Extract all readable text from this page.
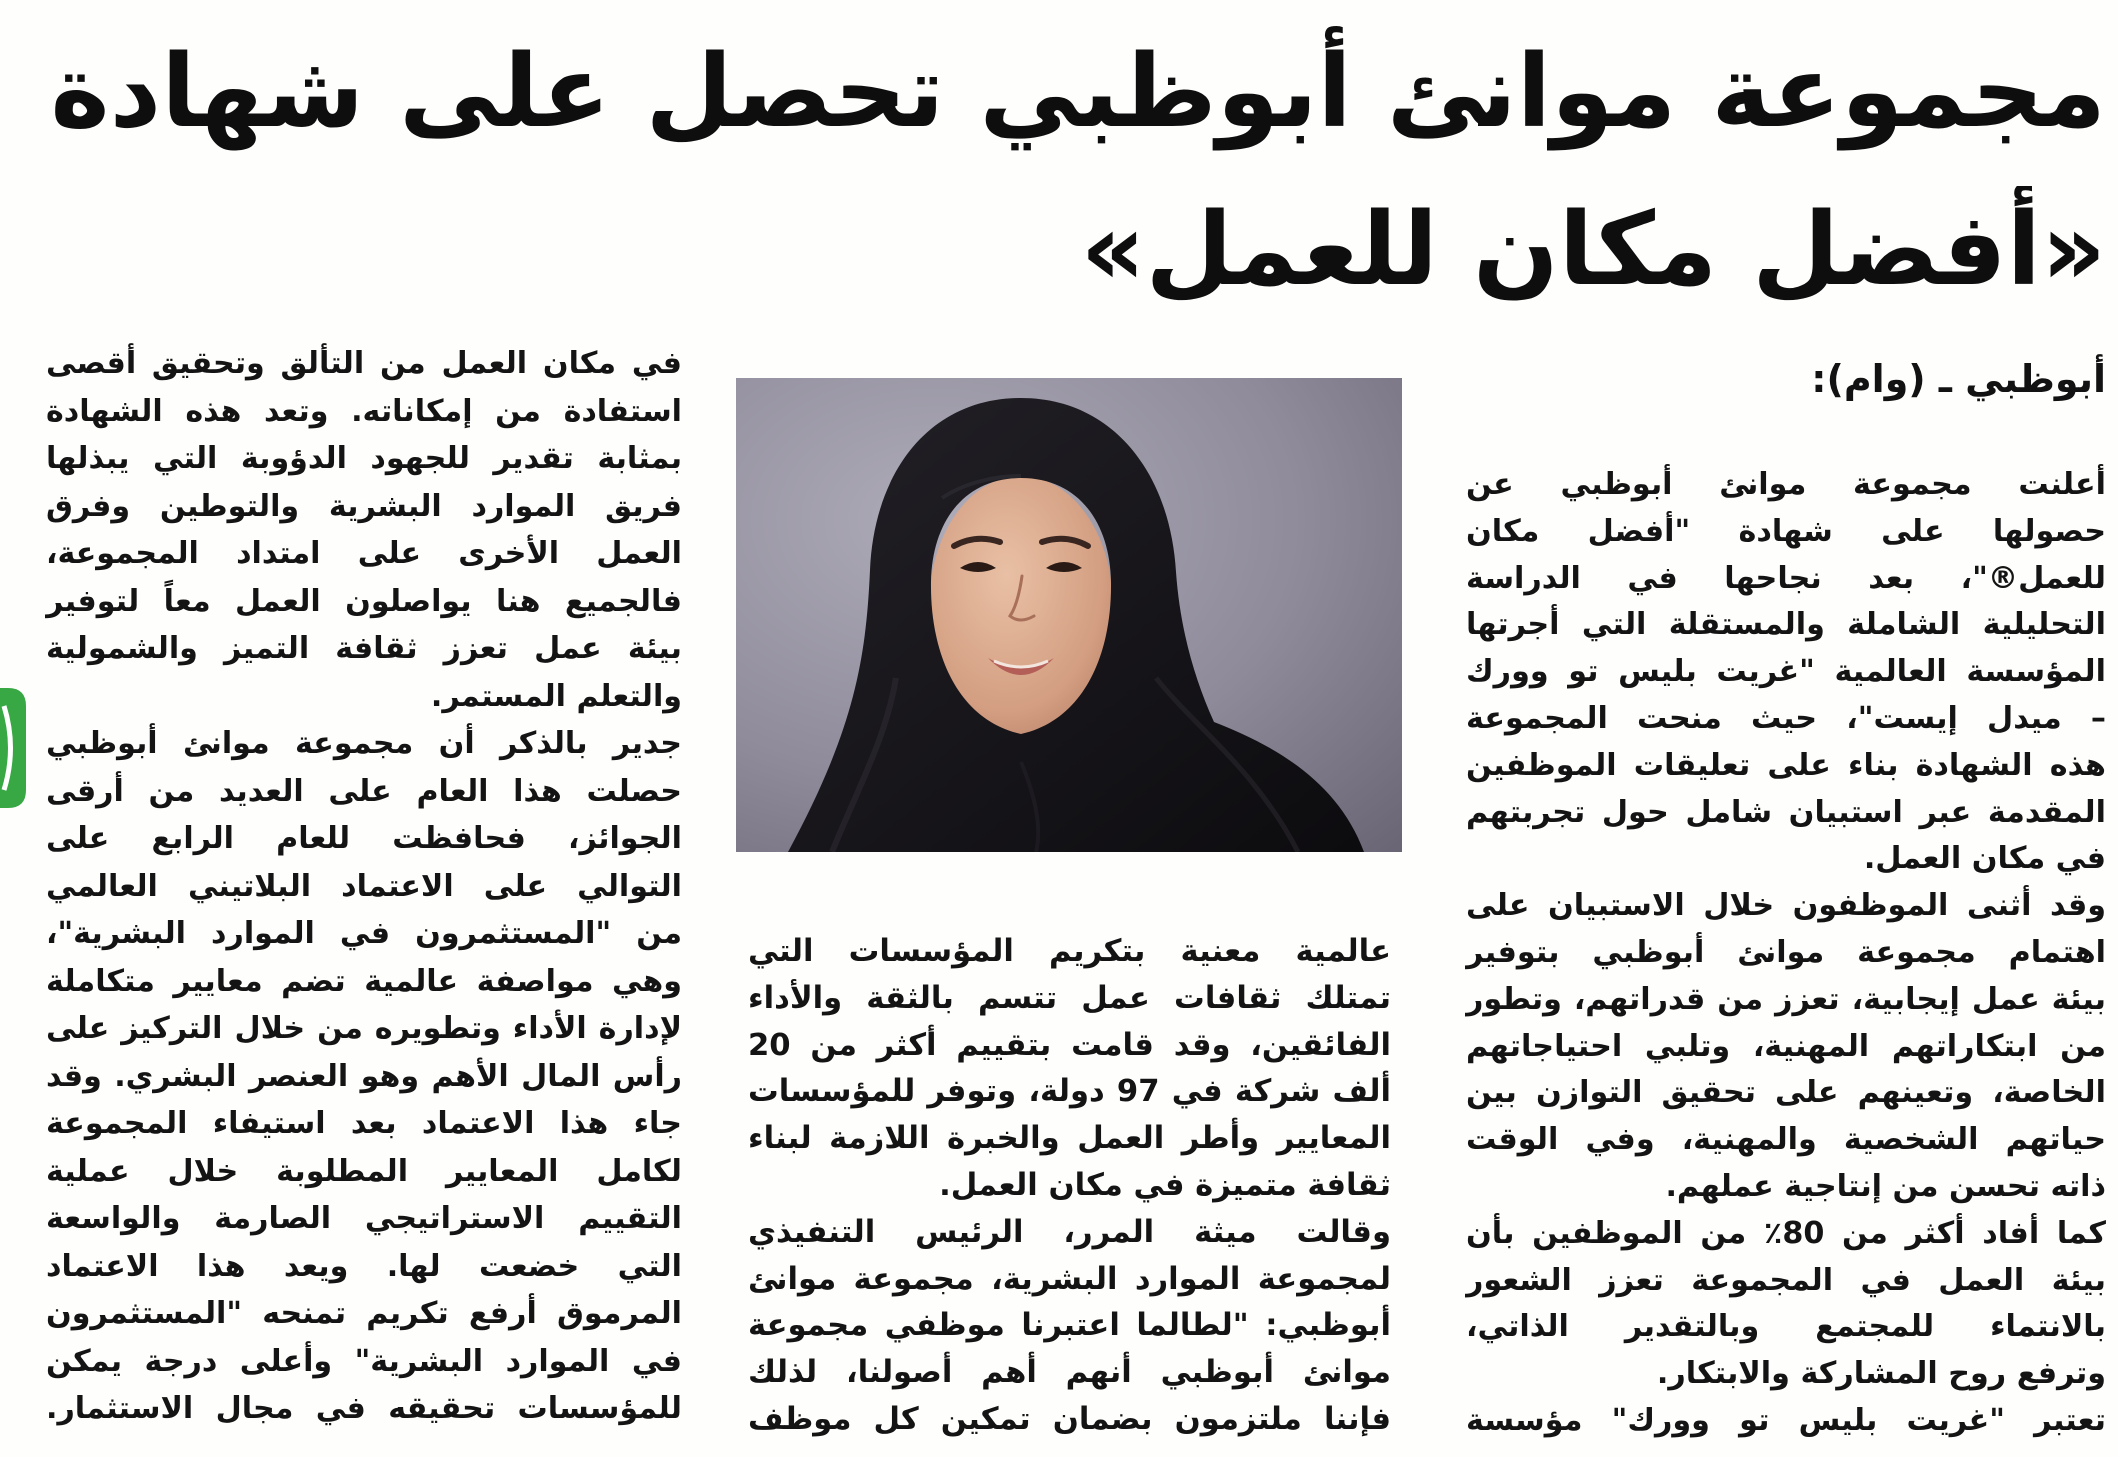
مجموعة موانئ أبوظبي تحصل على شهادة
«أفضل مكان للعمل»
أبوظبي ـ (وام):
أعلنت مجموعة موانئ أبوظبي عن
حصولها على شهادة "أفضل مكان
للعمل®"، بعد نجاحها في الدراسة
التحليلية الشاملة والمستقلة التي أجرتها
المؤسسة العالمية "غريت بليس تو وورك
– ميدل إيست"، حيث منحت المجموعة
هذه الشهادة بناء على تعليقات الموظفين
المقدمة عبر استبيان شامل حول تجربتهم
في مكان العمل.
وقد أثنى الموظفون خلال الاستبيان على
اهتمام مجموعة موانئ أبوظبي بتوفير
بيئة عمل إيجابية، تعزز من قدراتهم، وتطور
من ابتكاراتهم المهنية، وتلبي احتياجاتهم
الخاصة، وتعينهم على تحقيق التوازن بين
حياتهم الشخصية والمهنية، وفي الوقت
ذاته تحسن من إنتاجية عملهم.
كما أفاد أكثر من 80٪ من الموظفين بأن
بيئة العمل في المجموعة تعزز الشعور
بالانتماء للمجتمع وبالتقدير الذاتي،
وترفع روح المشاركة والابتكار.
تعتبر "غريت بليس تو وورك" مؤسسة
عالمية معنية بتكريم المؤسسات التي
تمتلك ثقافات عمل تتسم بالثقة والأداء
الفائقين، وقد قامت بتقييم أكثر من 20
ألف شركة في 97 دولة، وتوفر للمؤسسات
المعايير وأطر العمل والخبرة اللازمة لبناء
ثقافة متميزة في مكان العمل.
وقالت ميثة المرر، الرئيس التنفيذي
لمجموعة الموارد البشرية، مجموعة موانئ
أبوظبي: "لطالما اعتبرنا موظفي مجموعة
موانئ أبوظبي أنهم أهم أصولنا، لذلك
فإننا ملتزمون بضمان تمكين كل موظف
في مكان العمل من التألق وتحقيق أقصى
استفادة من إمكاناته. وتعد هذه الشهادة
بمثابة تقدير للجهود الدؤوبة التي يبذلها
فريق الموارد البشرية والتوطين وفرق
العمل الأخرى على امتداد المجموعة،
فالجميع هنا يواصلون العمل معاً لتوفير
بيئة عمل تعزز ثقافة التميز والشمولية
والتعلم المستمر.
جدير بالذكر أن مجموعة موانئ أبوظبي
حصلت هذا العام على العديد من أرقى
الجوائز، فحافظت للعام الرابع على
التوالي على الاعتماد البلاتيني العالمي
من "المستثمرون في الموارد البشرية"،
وهي مواصفة عالمية تضم معايير متكاملة
لإدارة الأداء وتطويره من خلال التركيز على
رأس المال الأهم وهو العنصر البشري. وقد
جاء هذا الاعتماد بعد استيفاء المجموعة
لكامل المعايير المطلوبة خلال عملية
التقييم الاستراتيجي الصارمة والواسعة
التي خضعت لها. ويعد هذا الاعتماد
المرموق أرفع تكريم تمنحه "المستثمرون
في الموارد البشرية" وأعلى درجة يمكن
للمؤسسات تحقيقه في مجال الاستثمار.
